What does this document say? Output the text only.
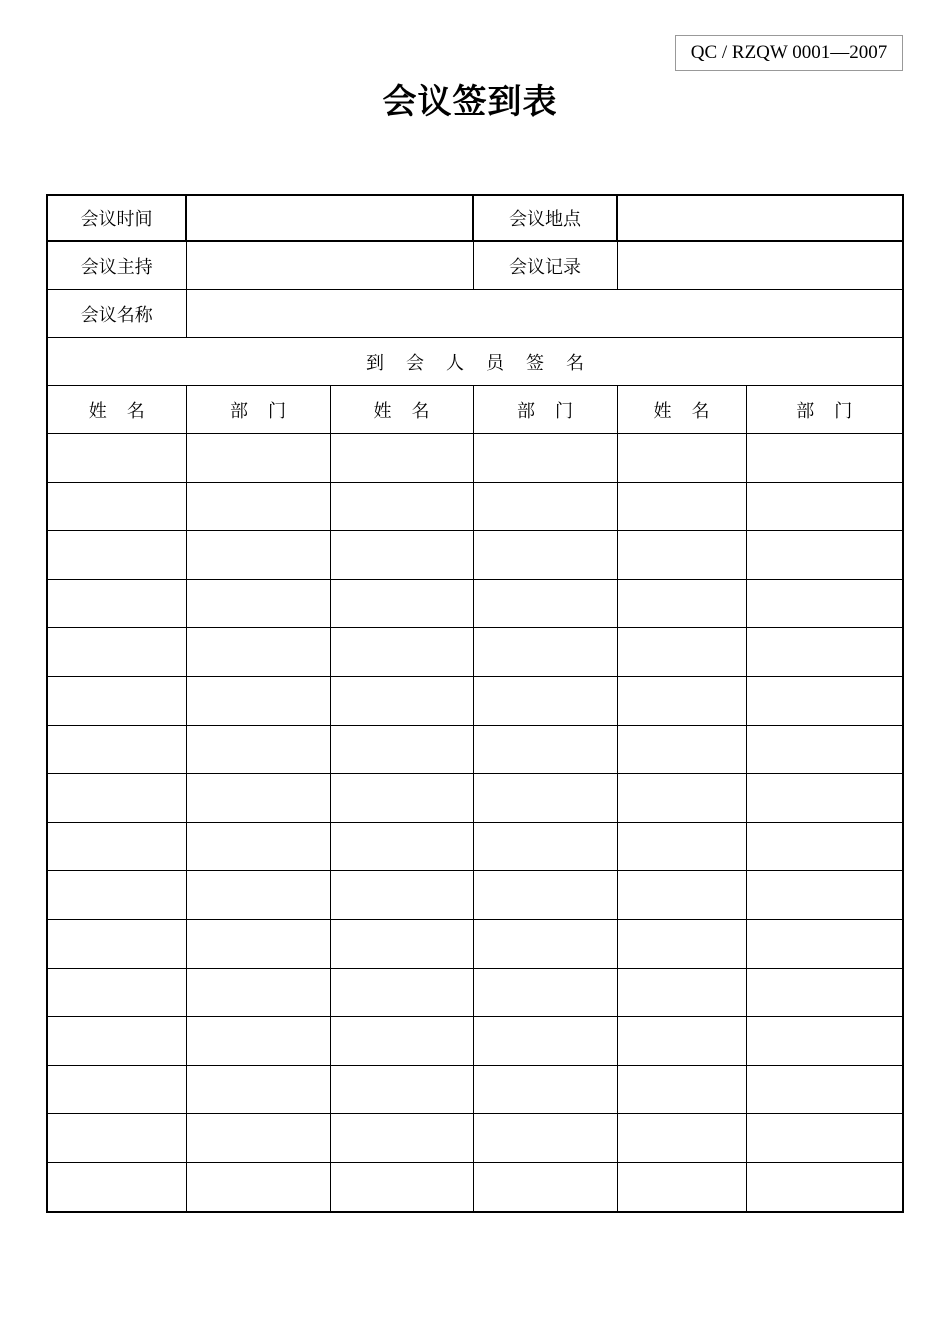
QC / RZQW 0001—2007
会议签到表
会议时间			会议地点		
会议主持			会议记录		
会议名称					
到会人员签名					
姓名	部门	姓名	部门	姓名	部门
